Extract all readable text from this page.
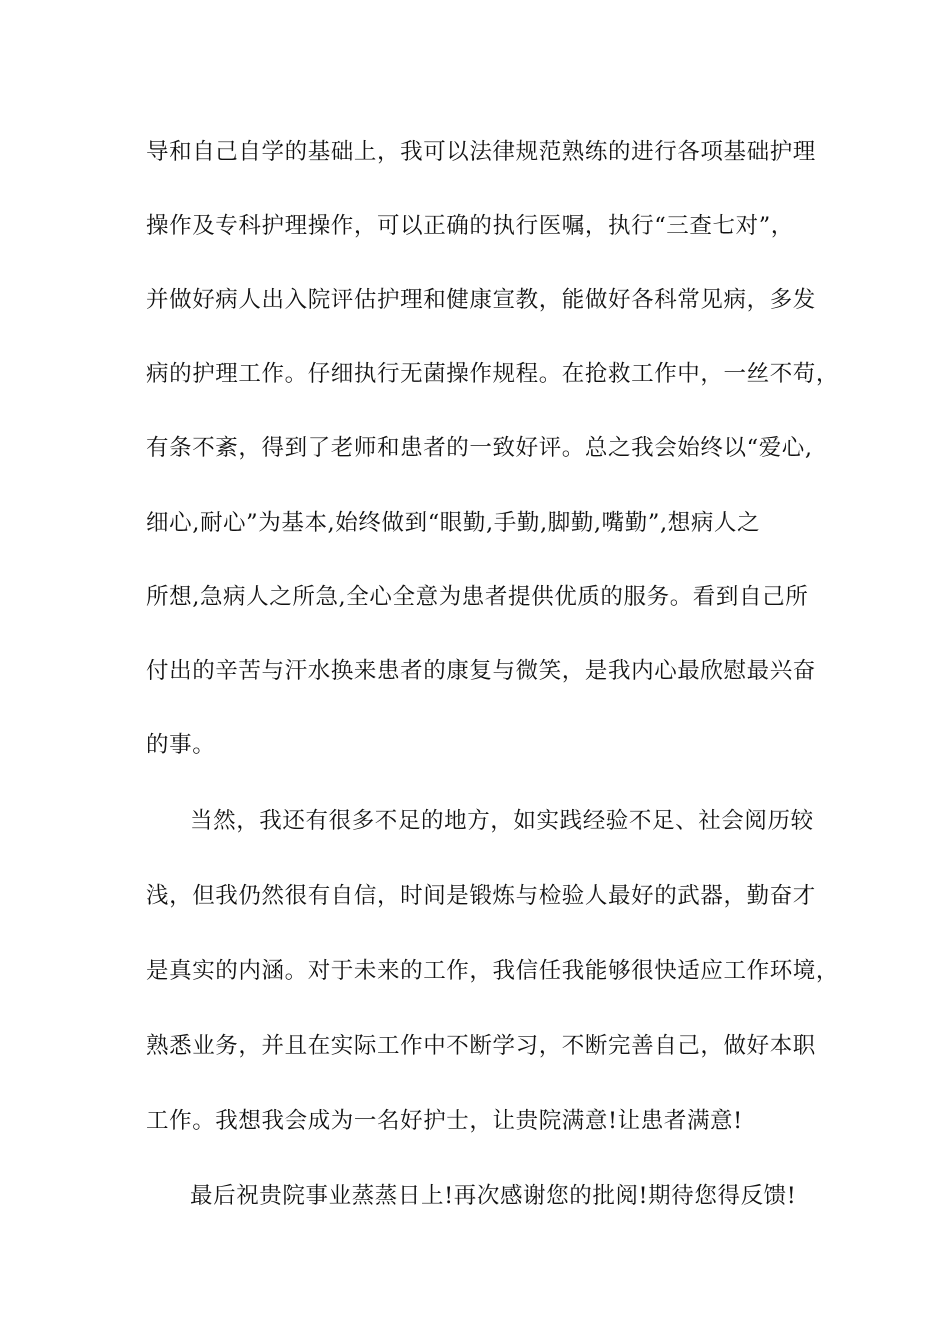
导和自己自学的基础上，我可以法律规范熟练的进行各项基础护理
操作及专科护理操作，可以正确的执行医嘱，执行“三查七对”，
并做好病人出入院评估护理和健康宣教，能做好各科常见病，多发
病的护理工作。仔细执行无菌操作规程。在抢救工作中，一丝不苟，
有条不紊，得到了老师和患者的一致好评。总之我会始终以“爱心,
细心,耐心”为基本,始终做到“眼勤,手勤,脚勤,嘴勤”,想病人之
所想,急病人之所急,全心全意为患者提供优质的服务。看到自己所
付出的辛苦与汗水换来患者的康复与微笑，是我内心最欣慰最兴奋
的事。
当然，我还有很多不足的地方，如实践经验不足、社会阅历较
浅，但我仍然很有自信，时间是锻炼与检验人最好的武器，勤奋才
是真实的内涵。对于未来的工作，我信任我能够很快适应工作环境，
熟悉业务，并且在实际工作中不断学习，不断完善自己，做好本职
工作。我想我会成为一名好护士，让贵院满意!让患者满意!
最后祝贵院事业蒸蒸日上!再次感谢您的批阅!期待您得反馈!
